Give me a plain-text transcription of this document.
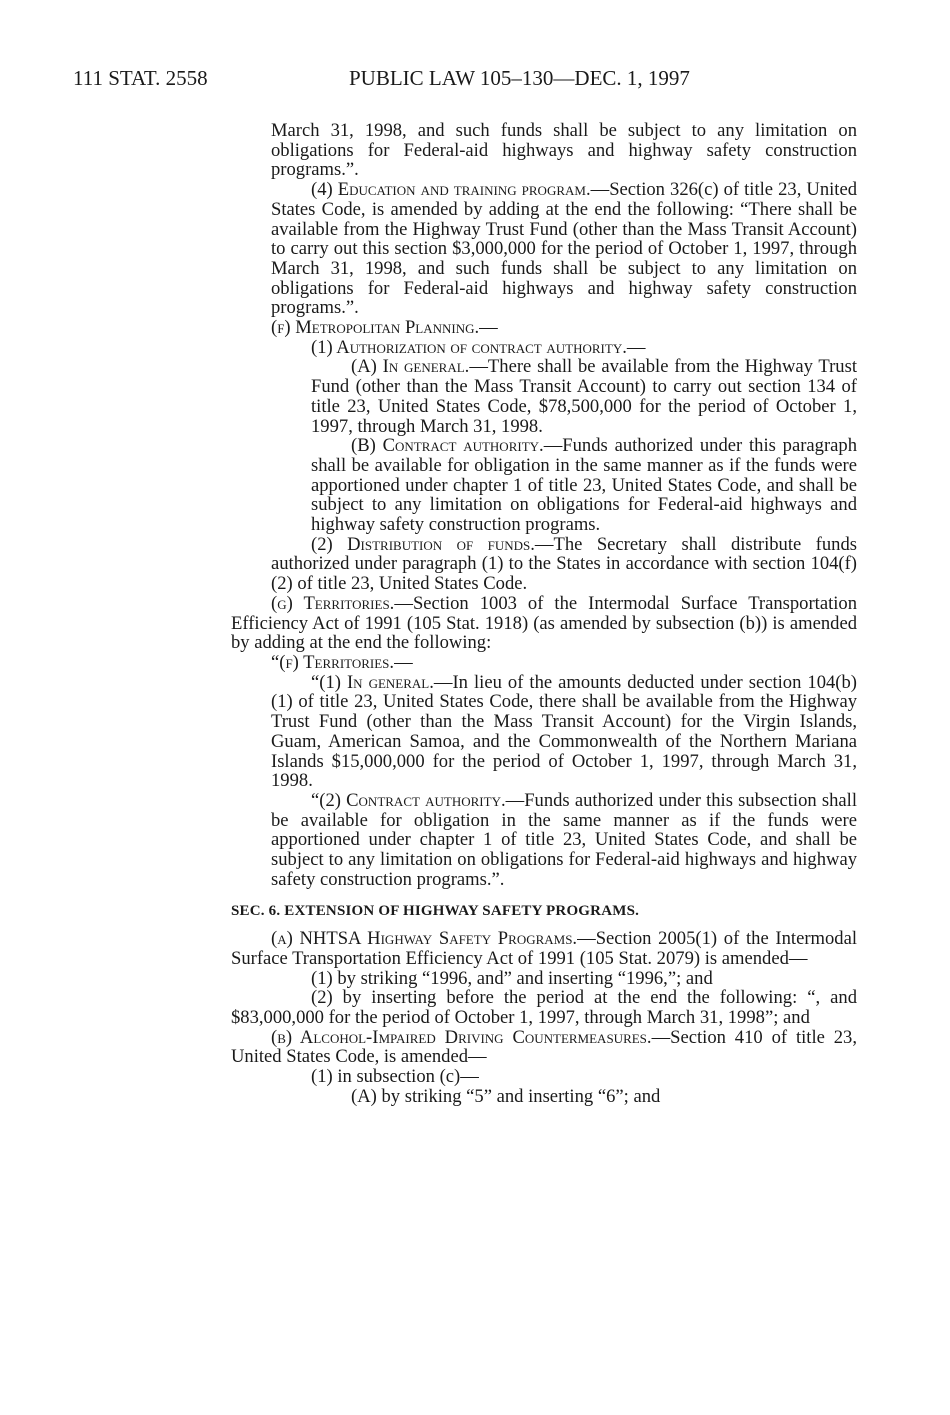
111 STAT. 2558	PUBLIC LAW 105–130—DEC. 1, 1997

March 31, 1998, and such funds shall be subject to any limitation on obligations for Federal-aid highways and highway safety construction programs.”.

(4) Education and training program.—Section 326(c) of title 23, United States Code, is amended by adding at the end the following: “There shall be available from the Highway Trust Fund (other than the Mass Transit Account) to carry out this section $3,000,000 for the period of October 1, 1997, through March 31, 1998, and such funds shall be subject to any limitation on obligations for Federal-aid highways and highway safety construction programs.”.

(f) Metropolitan Planning.—

(1) Authorization of contract authority.—

(A) In general.—There shall be available from the Highway Trust Fund (other than the Mass Transit Account) to carry out section 134 of title 23, United States Code, $78,500,000 for the period of October 1, 1997, through March 31, 1998.

(B) Contract authority.—Funds authorized under this paragraph shall be available for obligation in the same manner as if the funds were apportioned under chapter 1 of title 23, United States Code, and shall be subject to any limitation on obligations for Federal-aid highways and highway safety construction programs.

(2) Distribution of funds.—The Secretary shall distribute funds authorized under paragraph (1) to the States in accordance with section 104(f)(2) of title 23, United States Code.

(g) Territories.—Section 1003 of the Intermodal Surface Transportation Efficiency Act of 1991 (105 Stat. 1918) (as amended by subsection (b)) is amended by adding at the end the following:

“(f) Territories.—

“(1) In general.—In lieu of the amounts deducted under section 104(b)(1) of title 23, United States Code, there shall be available from the Highway Trust Fund (other than the Mass Transit Account) for the Virgin Islands, Guam, American Samoa, and the Commonwealth of the Northern Mariana Islands $15,000,000 for the period of October 1, 1997, through March 31, 1998.

“(2) Contract authority.—Funds authorized under this subsection shall be available for obligation in the same manner as if the funds were apportioned under chapter 1 of title 23, United States Code, and shall be subject to any limitation on obligations for Federal-aid highways and highway safety construction programs.”.

SEC. 6. EXTENSION OF HIGHWAY SAFETY PROGRAMS.

(a) NHTSA Highway Safety Programs.—Section 2005(1) of the Intermodal Surface Transportation Efficiency Act of 1991 (105 Stat. 2079) is amended—

(1) by striking “1996, and” and inserting “1996,”; and

(2) by inserting before the period at the end the following: “, and $83,000,000 for the period of October 1, 1997, through March 31, 1998”; and

(b) Alcohol-Impaired Driving Countermeasures.—Section 410 of title 23, United States Code, is amended—

(1) in subsection (c)—

(A) by striking “5” and inserting “6”; and
